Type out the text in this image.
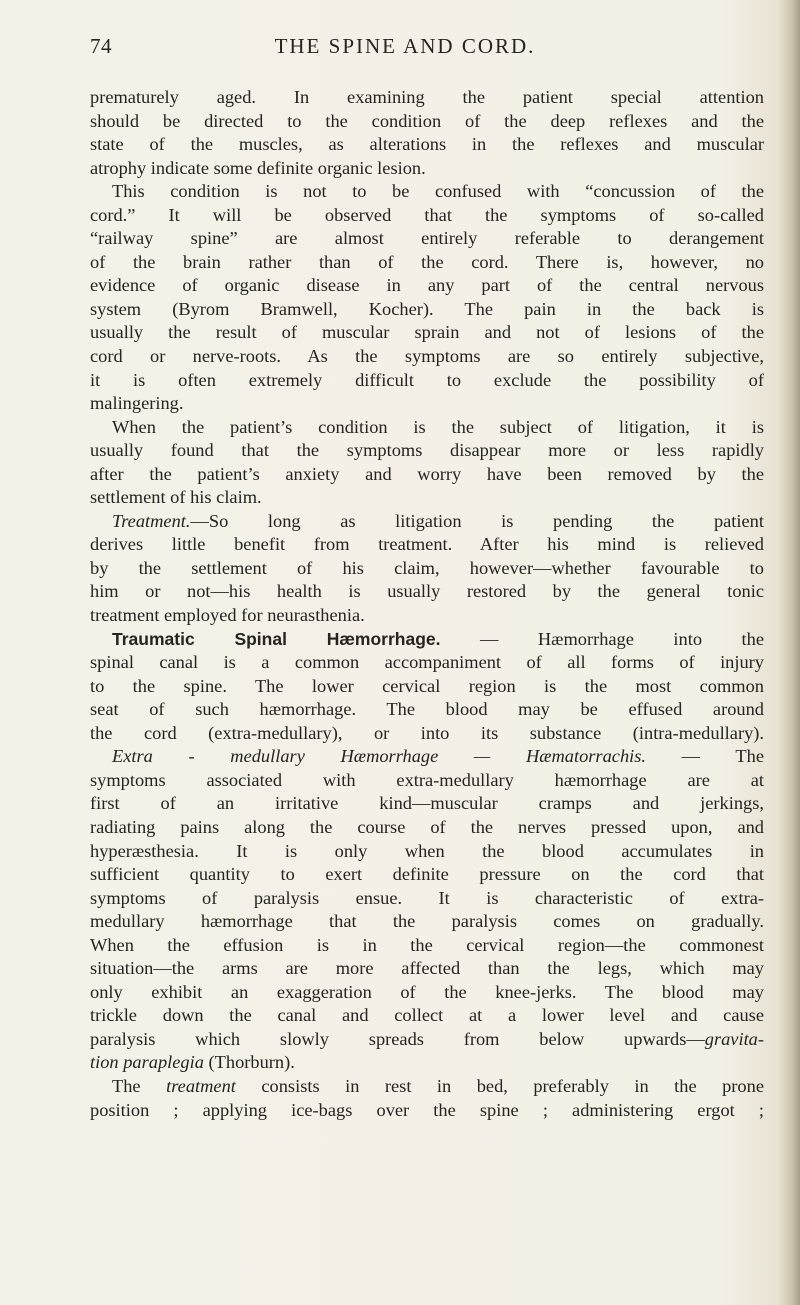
74	THE SPINE AND CORD.
prematurely aged. In examining the patient special attention
should be directed to the condition of the deep reflexes and the
state of the muscles, as alterations in the reflexes and muscular
atrophy indicate some definite organic lesion.
This condition is not to be confused with “concussion of the
cord.” It will be observed that the symptoms of so-called
“railway spine” are almost entirely referable to derangement
of the brain rather than of the cord. There is, however, no
evidence of organic disease in any part of the central nervous
system (Byrom Bramwell, Kocher). The pain in the back is
usually the result of muscular sprain and not of lesions of the
cord or nerve-roots. As the symptoms are so entirely subjective,
it is often extremely difficult to exclude the possibility of
malingering.
When the patient’s condition is the subject of litigation, it is
usually found that the symptoms disappear more or less rapidly
after the patient’s anxiety and worry have been removed by the
settlement of his claim.
Treatment.—So long as litigation is pending the patient
derives little benefit from treatment. After his mind is relieved
by the settlement of his claim, however—whether favourable to
him or not—his health is usually restored by the general tonic
treatment employed for neurasthenia.
Traumatic Spinal Hæmorrhage. — Hæmorrhage into the
spinal canal is a common accompaniment of all forms of injury
to the spine. The lower cervical region is the most common
seat of such hæmorrhage. The blood may be effused around
the cord (extra-medullary), or into its substance (intra-medullary).
Extra - medullary Hæmorrhage — Hæmatorrachis. — The
symptoms associated with extra-medullary hæmorrhage are at
first of an irritative kind—muscular cramps and jerkings,
radiating pains along the course of the nerves pressed upon, and
hyperæsthesia. It is only when the blood accumulates in
sufficient quantity to exert definite pressure on the cord that
symptoms of paralysis ensue. It is characteristic of extra-
medullary hæmorrhage that the paralysis comes on gradually.
When the effusion is in the cervical region—the commonest
situation—the arms are more affected than the legs, which may
only exhibit an exaggeration of the knee-jerks. The blood may
trickle down the canal and collect at a lower level and cause
paralysis which slowly spreads from below upwards—gravita-
tion paraplegia (Thorburn).
The treatment consists in rest in bed, preferably in the prone
position ; applying ice-bags over the spine ; administering ergot ;
